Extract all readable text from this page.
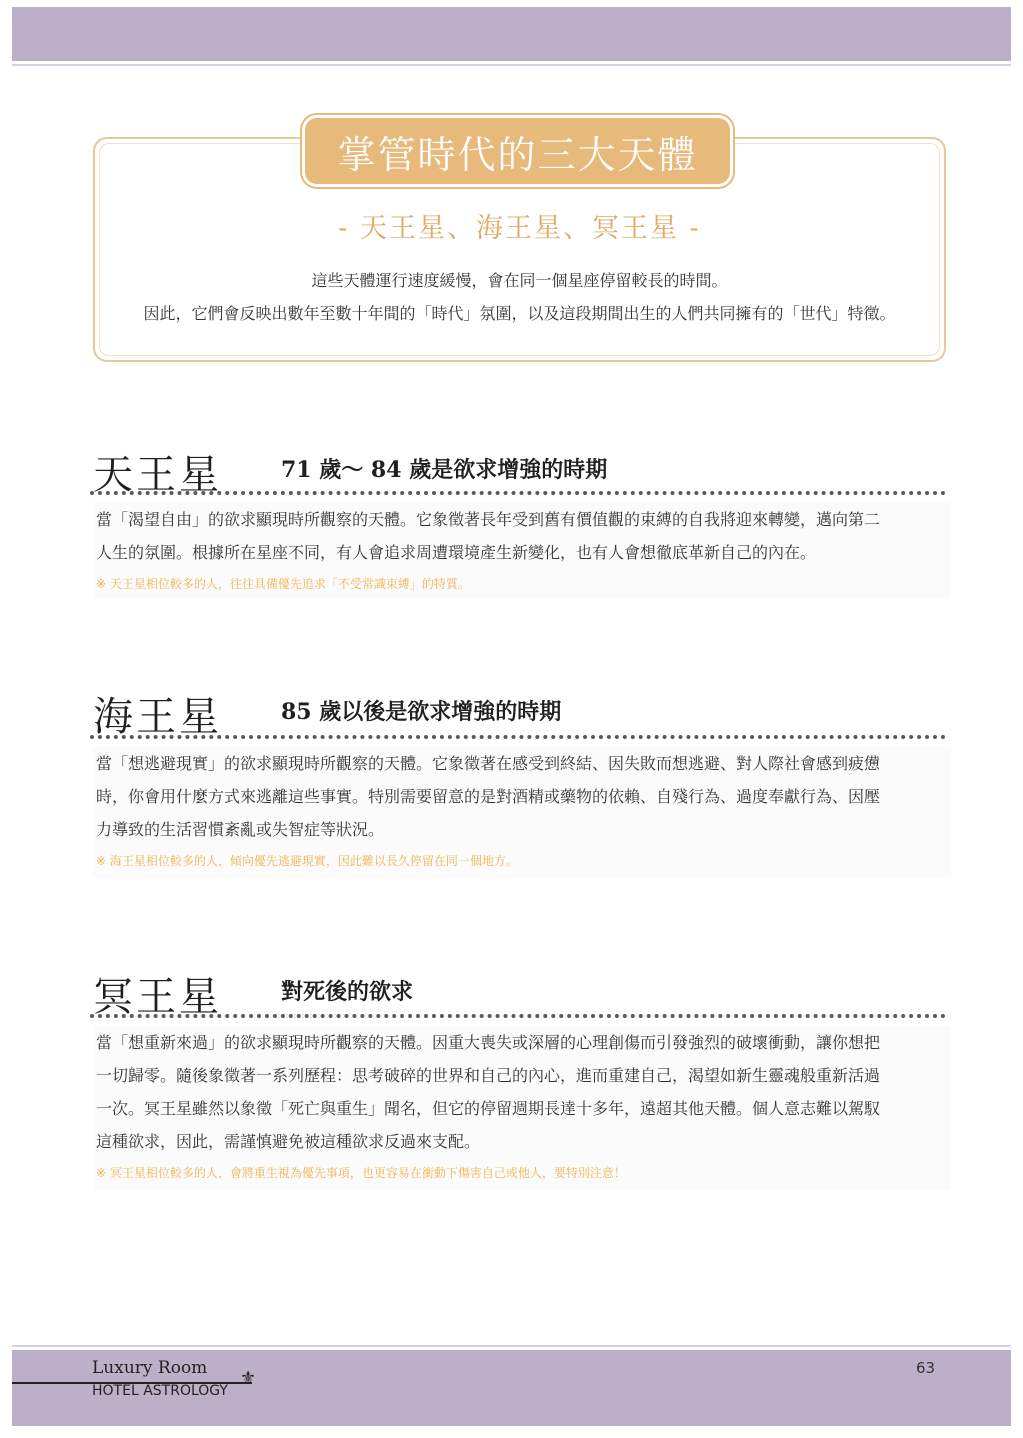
掌管時代的三大天體
- 天王星、海王星、冥王星 -
這些天體運行速度緩慢，會在同一個星座停留較長的時間。
因此，它們會反映出數年至數十年間的「時代」氛圍，以及這段期間出生的人們共同擁有的「世代」特徵。
天王星	71 歲～ 84 歲是欲求增強的時期
當「渴望自由」的欲求顯現時所觀察的天體。它象徵著長年受到舊有價值觀的束縛的自我將迎來轉變，邁向第二
人生的氛圍。根據所在星座不同，有人會追求周遭環境產生新變化，也有人會想徹底革新自己的內在。
※ 天王星相位較多的人，往往具備優先追求「不受常識束縛」的特質。
海王星	85 歲以後是欲求增強的時期
當「想逃避現實」的欲求顯現時所觀察的天體。它象徵著在感受到終結、因失敗而想逃避、對人際社會感到疲憊
時，你會用什麼方式來逃離這些事實。特別需要留意的是對酒精或藥物的依賴、自殘行為、過度奉獻行為、因壓
力導致的生活習慣紊亂或失智症等狀況。
※ 海王星相位較多的人，傾向優先逃避現實，因此難以長久停留在同一個地方。
冥王星	對死後的欲求
當「想重新來過」的欲求顯現時所觀察的天體。因重大喪失或深層的心理創傷而引發強烈的破壞衝動，讓你想把
一切歸零。隨後象徵著一系列歷程：思考破碎的世界和自己的內心，進而重建自己，渴望如新生靈魂般重新活過
一次。冥王星雖然以象徵「死亡與重生」聞名，但它的停留週期長達十多年，遠超其他天體。個人意志難以駕馭
這種欲求，因此，需謹慎避免被這種欲求反過來支配。
※ 冥王星相位較多的人，會將重生視為優先事項，也更容易在衝動下傷害自己或他人，要特別注意！
Luxury Room ⚜
HOTEL ASTROLOGY
63
